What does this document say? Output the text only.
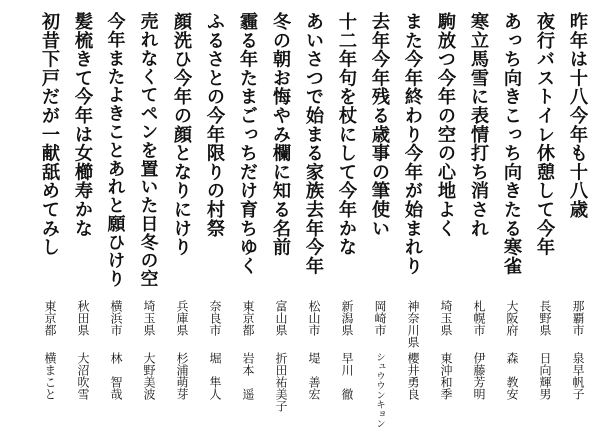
昨年は十八今年も十八歳
那覇市
泉早帆子
夜行バストイレ休憩して今年
長野県
日向輝男
あっち向きこっち向きたる寒雀
大阪府
森　教安
寒立馬雪に表情打ち消され
札幌市
伊藤芳明
駒放つ今年の空の心地よく
埼玉県
東沖和季
また今年終わり今年が始まれり
神奈川県
櫻井勇良
去年今年残る歳事の筆使い
岡崎市
シュウウンキョン
十二年句を杖にして今年かな
新潟県
早川　徹
あいさつで始まる家族去年今年
松山市
堤　善宏
冬の朝お悔やみ欄に知る名前
富山県
折田祐美子
霾る年たまごっちだけ育ちゆく
東京都
岩本　遥
ふるさとの今年限りの村祭
奈良市
堀　隼人
顔洗ひ今年の顔となりにけり
兵庫県
杉浦萌芽
売れなくてペンを置いた日冬の空
埼玉県
大野美波
今年またよきことあれと願ひけり
横浜市
林　智哉
髪梳きて今年は女櫛寿かな
秋田県
大沼吹雪
初昔下戸だが一献舐めてみし
東京都
横まこと
